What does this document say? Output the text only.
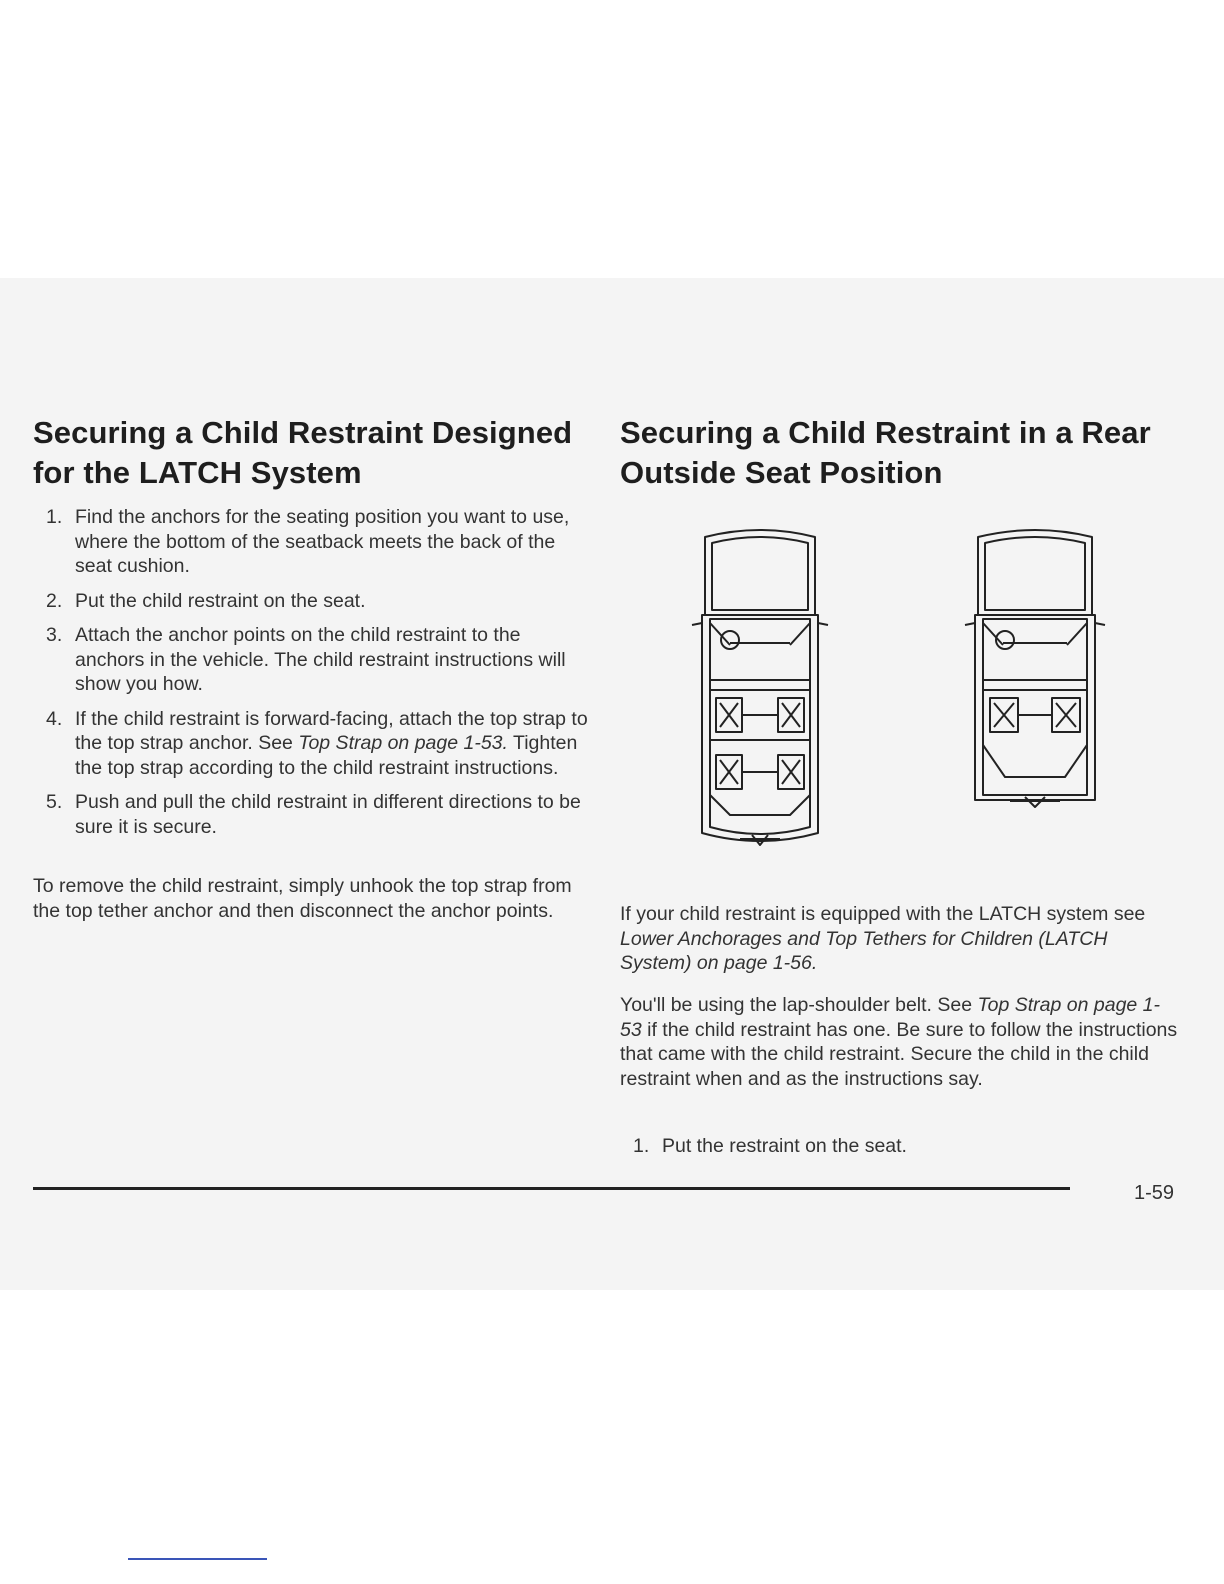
Securing a Child Restraint Designed for the LATCH System
1. Find the anchors for the seating position you want to use, where the bottom of the seatback meets the back of the seat cushion.
2. Put the child restraint on the seat.
3. Attach the anchor points on the child restraint to the anchors in the vehicle. The child restraint instructions will show you how.
4. If the child restraint is forward-facing, attach the top strap to the top strap anchor. See Top Strap on page 1-53. Tighten the top strap according to the child restraint instructions.
5. Push and pull the child restraint in different directions to be sure it is secure.

To remove the child restraint, simply unhook the top strap from the top tether anchor and then disconnect the anchor points.

Securing a Child Restraint in a Rear Outside Seat Position

If your child restraint is equipped with the LATCH system see Lower Anchorages and Top Tethers for Children (LATCH System) on page 1-56.

You'll be using the lap-shoulder belt. See Top Strap on page 1-53 if the child restraint has one. Be sure to follow the instructions that came with the child restraint. Secure the child in the child restraint when and as the instructions say.

1. Put the restraint on the seat.
1-59
